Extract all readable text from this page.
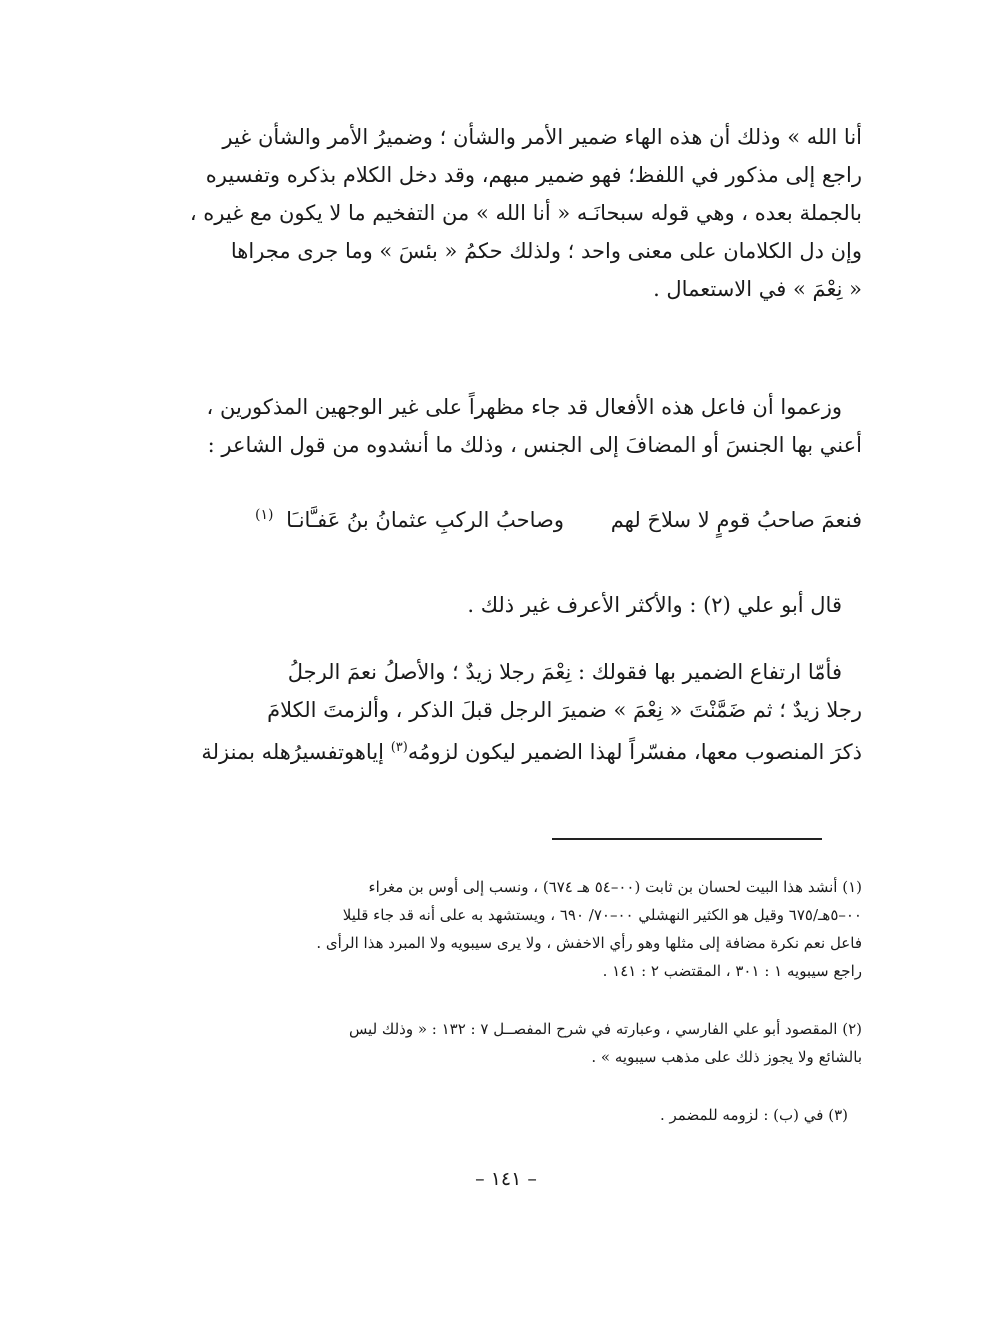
أنا الله » وذلك أن هذه الهاء ضمير الأمر والشأن ؛ وضميرُ الأمر والشأن غير
راجع إلى مذكور في اللفظ؛ فهو ضمير مبهم، وقد دخل الكلام بذكره وتفسيره
بالجملة بعده ، وهي قوله سبحانَـه « أنا الله » من التفخيم ما لا يكون مع غيره ،
وإن دل الكلامان على معنى واحد ؛ ولذلك حكمُ « بئسَ » وما جرى مجراها
« نِعْمَ » في الاستعمال .

وزعموا أن فاعل هذه الأفعال قد جاء مظهراً على غير الوجهين المذكورين ،
أعني بها الجنسَ أو المضافَ إلى الجنس ، وذلك ما أنشدوه من قول الشاعر :

فنعمَ صاحبُ قومٍ لا سلاحَ لهم وصاحبُ الركبِ عثمانُ بنُ عَفـَّانـَا $^{(١)}$

قال أبو علي (٢) : والأكثر الأعرف غير ذلك .

فأمّا ارتفاع الضمير بها فقولك : نِعْمَ رجلا زيدٌ ؛ والأصلُ نعمَ الرجلُ
رجلا زيدٌ ؛ ثم ضَمَّنْتَ « نِعْمَ » ضميرَ الرجل قبلَ الذكر ، وألزمتَ الكلامَ
ذكرَ المنصوب معها، مفسّراً لهذا الضمير ليكون لزومُه$^{(٣)}$ إياهوتفسيرُهله بمنزلة

(١) أنشد هذا البيت لحسان بن ثابت (٠٠–٥٤ هـ ٦٧٤) ، ونسب إلى أوس بن مغراء
٠٠–٥هـ/٦٧٥ وقيل هو الكثير النهشلي ٠٠–٧٠/ ٦٩٠ ، ويستشهد به على أنه قد جاء قليلا
فاعل نعم نكرة مضافة إلى مثلها وهو رأي الاخفش ، ولا يرى سيبويه ولا المبرد هذا الرأى .
راجع سيبويه ١ : ٣٠١ ، المقتضب ٢ : ١٤١ .

(٢) المقصود أبو علي الفارسي ، وعبارته في شرح المفصــل ٧ : ١٣٢ : « وذلك ليس
بالشائع ولا يجوز ذلك على مذهب سيبويه » .

(٣) في (ب) : لزومه للمضمر .

– ١٤١ –
